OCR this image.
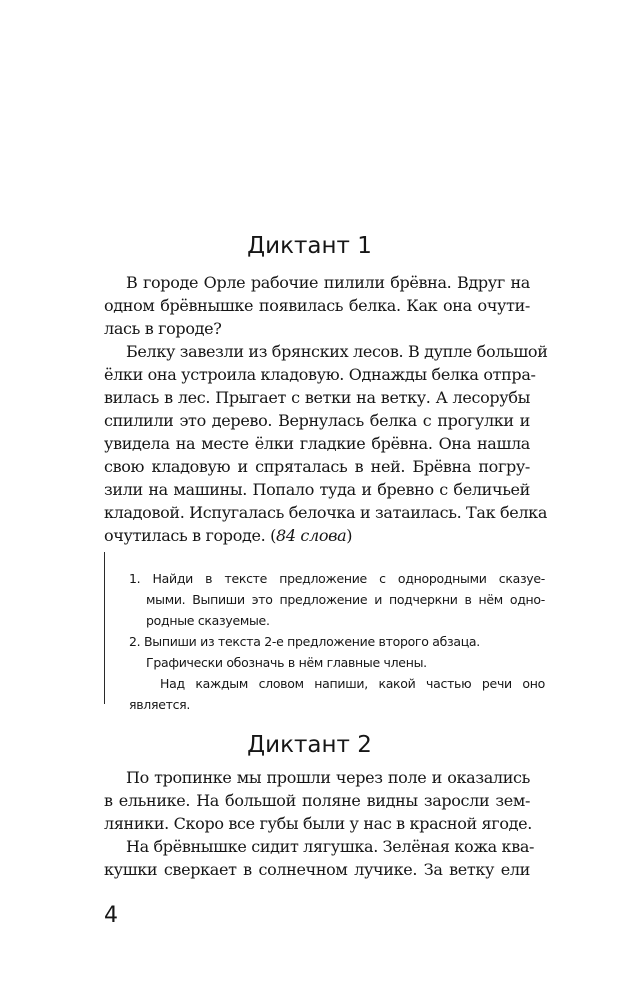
Диктант 1
В городе Орле рабочие пилили брёвна. Вдруг на
одном брёвнышке появилась белка. Как она очути-
лась в городе?
Белку завезли из брянских лесов. В дупле большой
ёлки она устроила кладовую. Однажды белка отпра-
вилась в лес. Прыгает с ветки на ветку. А лесорубы
спилили это дерево. Вернулась белка с прогулки и
увидела на месте ёлки гладкие брёвна. Она нашла
свою кладовую и спряталась в ней. Брёвна погру-
зили на машины. Попало туда и бревно с беличьей
кладовой. Испугалась белочка и затаилась. Так белка
очутилась в городе. (84 слова)
1. Найди в тексте предложение с однородными сказуе-
мыми. Выпиши это предложение и подчеркни в нём одно-
родные сказуемые.
2. Выпиши из текста 2-е предложение второго абзаца.
Графически обозначь в нём главные члены.
Над каждым словом напиши, какой частью речи оно
является.
Диктант 2
По тропинке мы прошли через поле и оказались
в ельнике. На большой поляне видны заросли зем-
ляники. Скоро все губы были у нас в красной ягоде.
На брёвнышке сидит лягушка. Зелёная кожа ква-
кушки сверкает в солнечном лучике. За ветку ели
4
